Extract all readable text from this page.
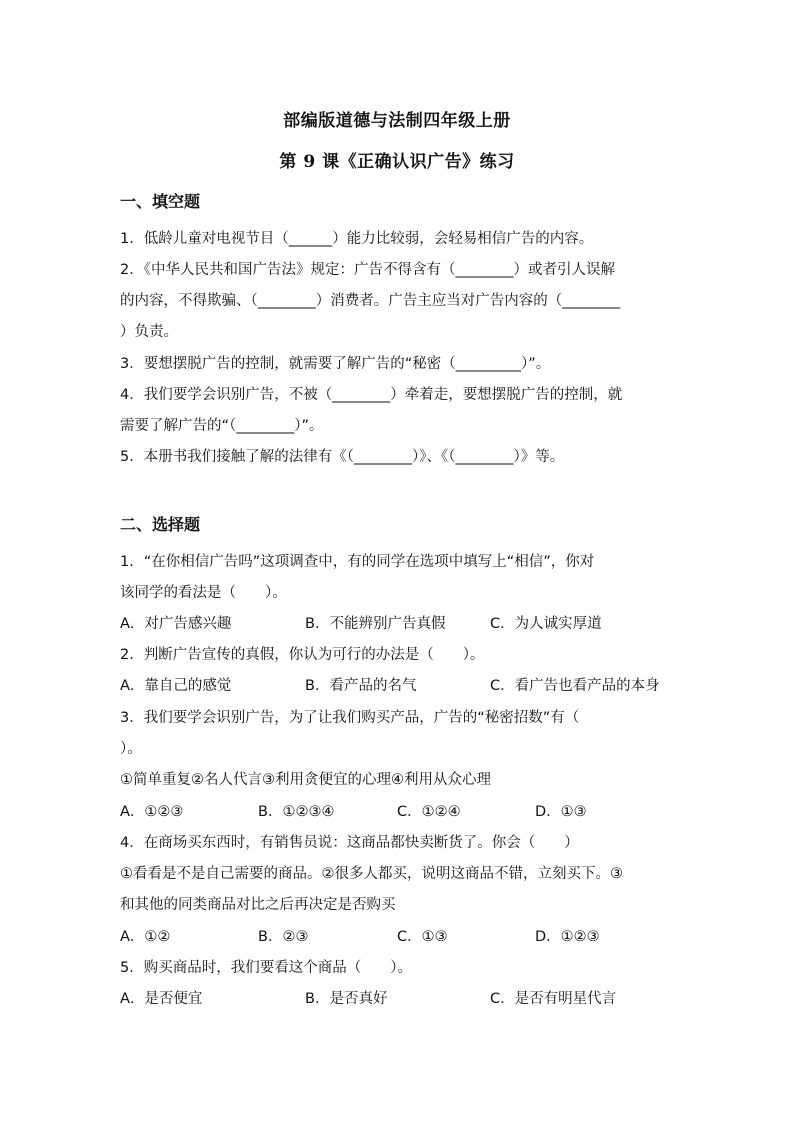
部编版道德与法制四年级上册
第 9 课《正确认识广告》练习
一、填空题
1．低龄儿童对电视节目（______）能力比较弱，会轻易相信广告的内容。
2．《中华人民共和国广告法》规定：广告不得含有（________）或者引人误解
的内容，不得欺骗、（________）消费者。广告主应当对广告内容的（________
）负责。
3．要想摆脱广告的控制，就需要了解广告的“秘密（_________）”。
4．我们要学会识别广告，不被（________）牵着走，要想摆脱广告的控制，就
需要了解广告的“（________）”。
5．本册书我们接触了解的法律有《（________）》、《（________）》等。
二、选择题
1．“在你相信广告吗”这项调查中，有的同学在选项中填写上“相信”，你对
该同学的看法是（　　）。
A．对广告感兴趣	B．不能辨别广告真假	C．为人诚实厚道
2．判断广告宣传的真假，你认为可行的办法是（　　）。
A．靠自己的感觉	B．看产品的名气	C．看广告也看产品的本身
3．我们要学会识别广告，为了让我们购买产品，广告的“秘密招数”有（
）。
①简单重复②名人代言③利用贪便宜的心理④利用从众心理
A．①②③	B．①②③④	C．①②④	D．①③
4．在商场买东西时，有销售员说：这商品都快卖断货了。你会（　　）
①看看是不是自己需要的商品。②很多人都买，说明这商品不错，立刻买下。③
和其他的同类商品对比之后再决定是否购买
A．①②	B．②③	C．①③	D．①②③
5．购买商品时，我们要看这个商品（　　）。
A．是否便宜	B．是否真好	C．是否有明星代言
